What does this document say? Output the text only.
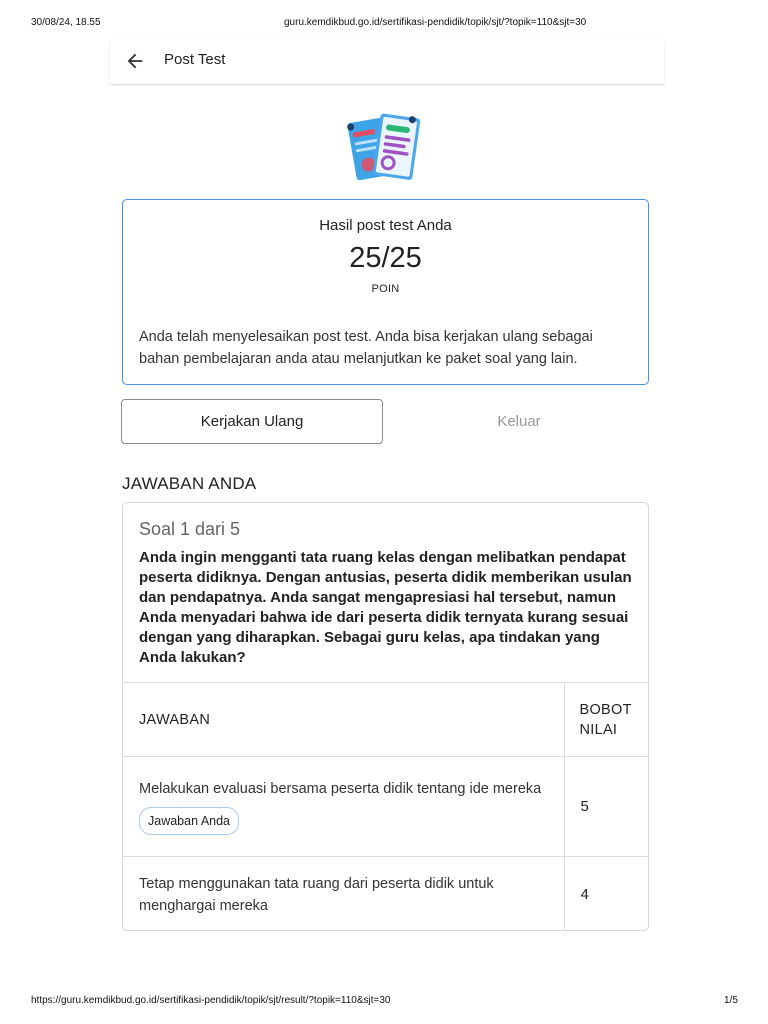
30/08/24, 18.55	guru.kemdikbud.go.id/sertifikasi-pendidik/topik/sjt/?topik=110&sjt=30
Post Test
Hasil post test Anda
25/25
POIN
Anda telah menyelesaikan post test. Anda bisa kerjakan ulang sebagai bahan pembelajaran anda atau melanjutkan ke paket soal yang lain.
Kerjakan Ulang	Keluar
JAWABAN ANDA
Soal 1 dari 5
Anda ingin mengganti tata ruang kelas dengan melibatkan pendapat peserta didiknya. Dengan antusias, peserta didik memberikan usulan dan pendapatnya. Anda sangat mengapresiasi hal tersebut, namun Anda menyadari bahwa ide dari peserta didik ternyata kurang sesuai dengan yang diharapkan. Sebagai guru kelas, apa tindakan yang Anda lakukan?
JAWABAN	BOBOT
NILAI

Melakukan evaluasi bersama peserta didik tentang ide mereka
Jawaban Anda	5

Tetap menggunakan tata ruang dari peserta didik untuk menghargai mereka	4
https://guru.kemdikbud.go.id/sertifikasi-pendidik/topik/sjt/result/?topik=110&sjt=30	1/5
